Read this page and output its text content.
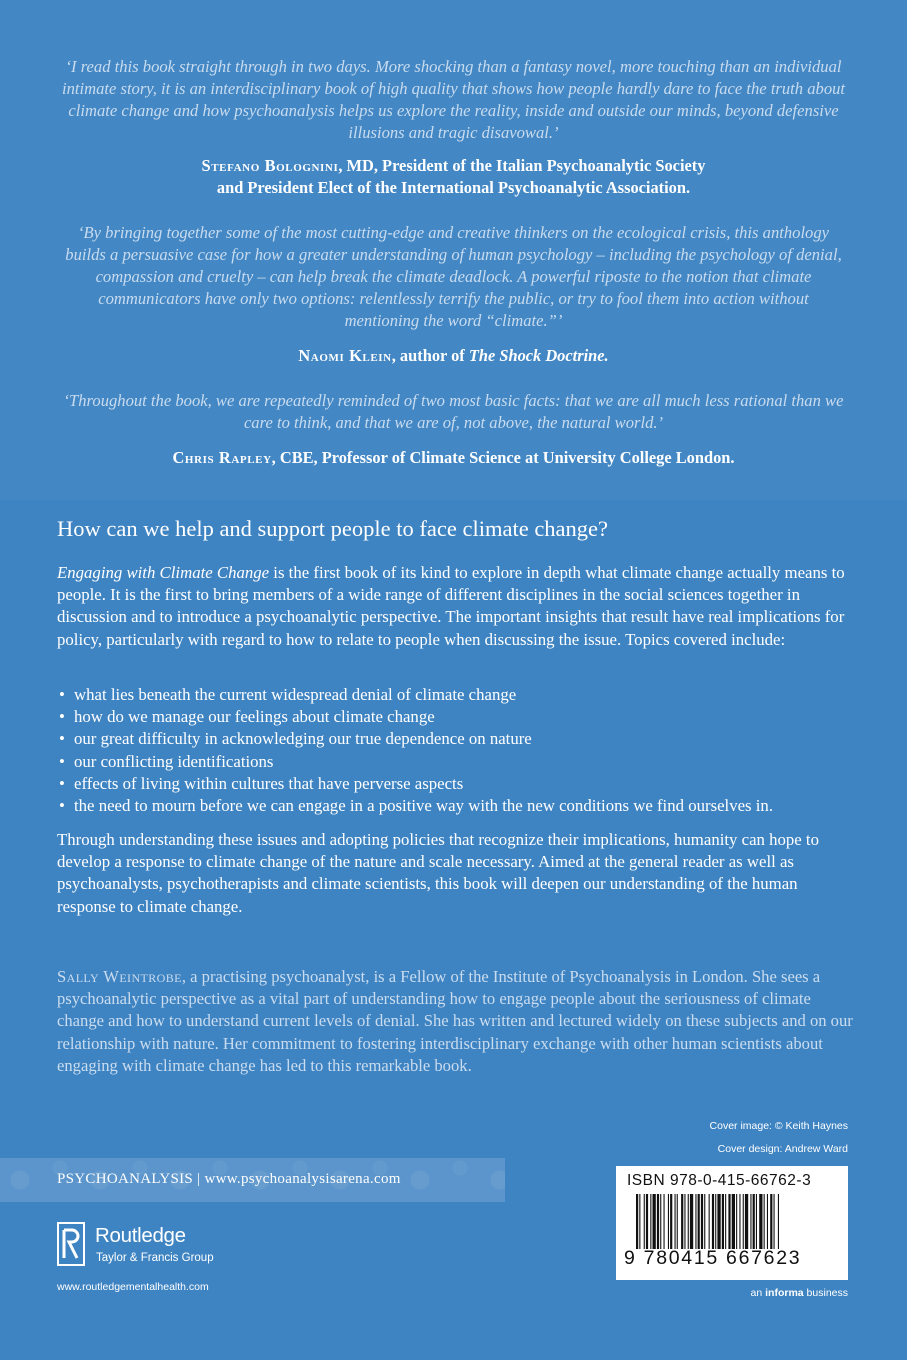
‘I read this book straight through in two days. More shocking than a fantasy novel, more touching than an individual intimate story, it is an interdisciplinary book of high quality that shows how people hardly dare to face the truth about climate change and how psychoanalysis helps us explore the reality, inside and outside our minds, beyond defensive illusions and tragic disavowal.’
Stefano Bolognini, MD, President of the Italian Psychoanalytic Society
and President Elect of the International Psychoanalytic Association.
‘By bringing together some of the most cutting-edge and creative thinkers on the ecological crisis, this anthology builds a persuasive case for how a greater understanding of human psychology – including the psychology of denial, compassion and cruelty – can help break the climate deadlock. A powerful riposte to the notion that climate communicators have only two options: relentlessly terrify the public, or try to fool them into action without mentioning the word “climate.”’
Naomi Klein, author of The Shock Doctrine.
‘Throughout the book, we are repeatedly reminded of two most basic facts: that we are all much less rational than we care to think, and that we are of, not above, the natural world.’
Chris Rapley, CBE, Professor of Climate Science at University College London.
How can we help and support people to face climate change?
Engaging with Climate Change is the first book of its kind to explore in depth what climate change actually means to people. It is the first to bring members of a wide range of different disciplines in the social sciences together in discussion and to introduce a psychoanalytic perspective. The important insights that result have real implications for policy, particularly with regard to how to relate to people when discussing the issue. Topics covered include:
• what lies beneath the current widespread denial of climate change
• how do we manage our feelings about climate change
• our great difficulty in acknowledging our true dependence on nature
• our conflicting identifications
• effects of living within cultures that have perverse aspects
• the need to mourn before we can engage in a positive way with the new conditions we find ourselves in.
Through understanding these issues and adopting policies that recognize their implications, humanity can hope to develop a response to climate change of the nature and scale necessary. Aimed at the general reader as well as psychoanalysts, psychotherapists and climate scientists, this book will deepen our understanding of the human response to climate change.
Sally Weintrobe, a practising psychoanalyst, is a Fellow of the Institute of Psychoanalysis in London. She sees a psychoanalytic perspective as a vital part of understanding how to engage people about the seriousness of climate change and how to understand current levels of denial. She has written and lectured widely on these subjects and on our relationship with nature. Her commitment to fostering interdisciplinary exchange with other human scientists about engaging with climate change has led to this remarkable book.
Cover image: © Keith Haynes
Cover design: Andrew Ward
PSYCHOANALYSIS | www.psychoanalysisarena.com
Routledge
Taylor & Francis Group
www.routledgementalhealth.com
ISBN 978-0-415-66762-3
9 780415 667623
an informa business
